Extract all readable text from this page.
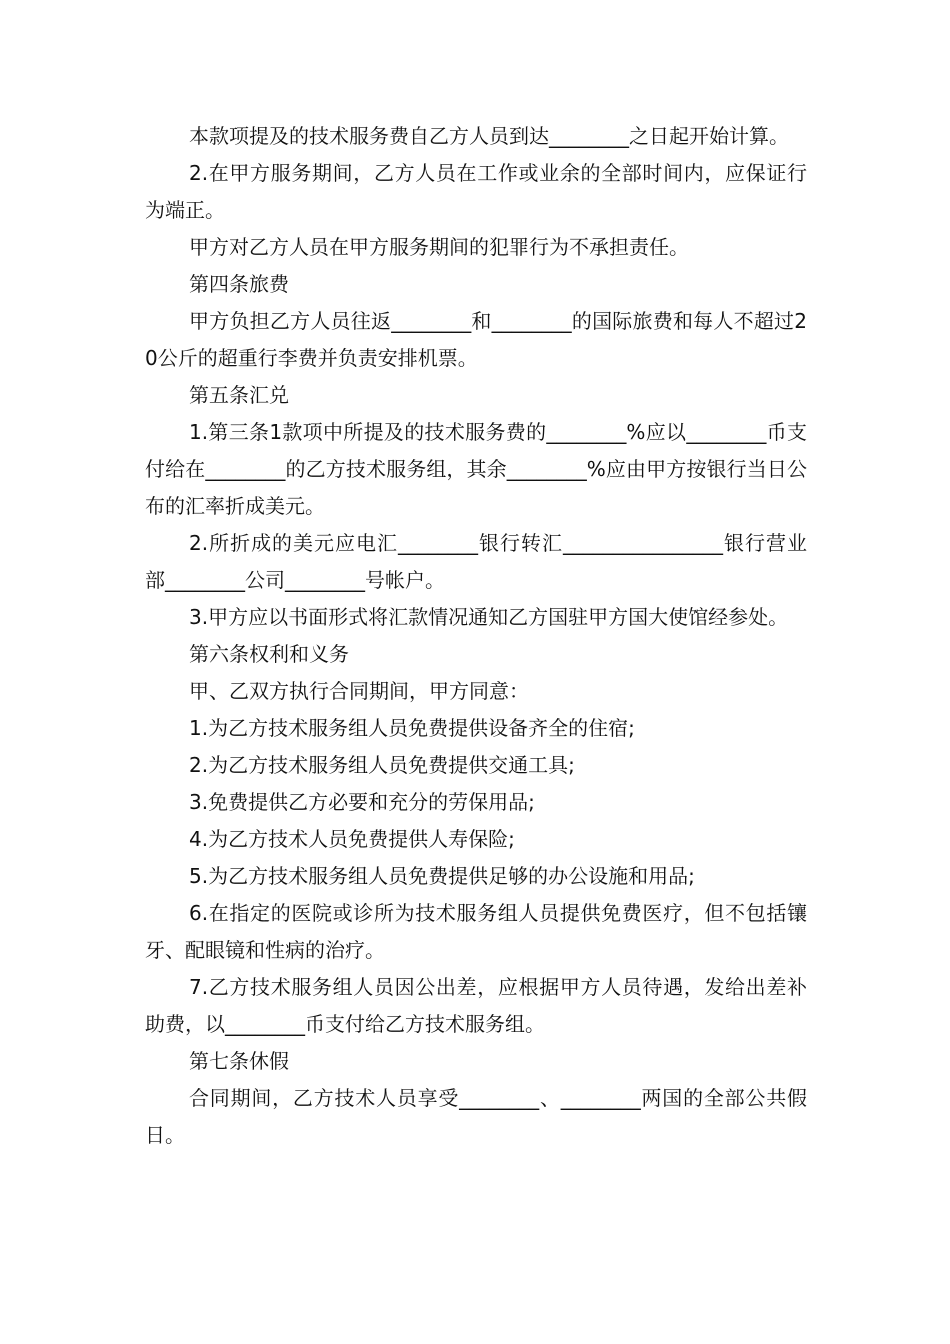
本款项提及的技术服务费自乙方人员到达________之日起开始计算。

2.在甲方服务期间，乙方人员在工作或业余的全部时间内，应保证行为端正。

甲方对乙方人员在甲方服务期间的犯罪行为不承担责任。

第四条旅费

甲方负担乙方人员往返________和________的国际旅费和每人不超过20公斤的超重行李费并负责安排机票。

第五条汇兑

1.第三条1款项中所提及的技术服务费的________%应以________币支付给在________的乙方技术服务组，其余________%应由甲方按银行当日公布的汇率折成美元。

2.所折成的美元应电汇________银行转汇________________银行营业部________公司________号帐户。

3.甲方应以书面形式将汇款情况通知乙方国驻甲方国大使馆经参处。

第六条权利和义务

甲、乙双方执行合同期间，甲方同意：

1.为乙方技术服务组人员免费提供设备齐全的住宿;

2.为乙方技术服务组人员免费提供交通工具;

3.免费提供乙方必要和充分的劳保用品;

4.为乙方技术人员免费提供人寿保险;

5.为乙方技术服务组人员免费提供足够的办公设施和用品;

6.在指定的医院或诊所为技术服务组人员提供免费医疗，但不包括镶牙、配眼镜和性病的治疗。

7.乙方技术服务组人员因公出差，应根据甲方人员待遇，发给出差补助费，以________币支付给乙方技术服务组。

第七条休假

合同期间，乙方技术人员享受________、________两国的全部公共假日。
